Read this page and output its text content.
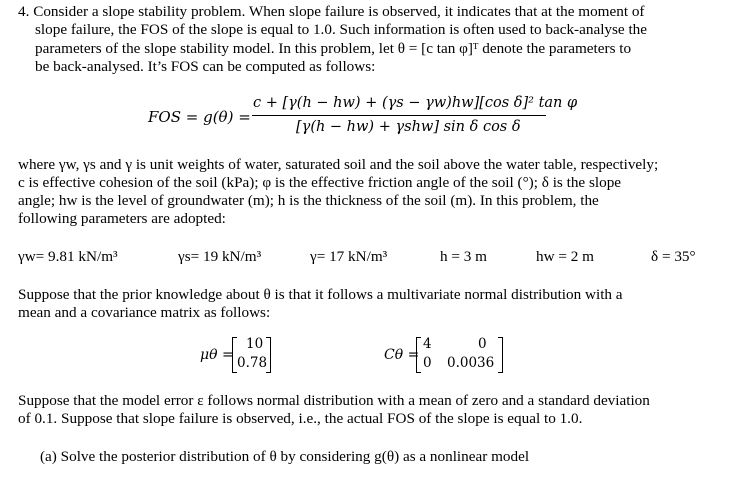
4. Consider a slope stability problem. When slope failure is observed, it indicates that at the moment of
slope failure, the FOS of the slope is equal to 1.0. Such information is often used to back-analyse the
parameters of the slope stability model. In this problem, let θ = [c tan φ]ᵀ denote the parameters to
be back-analysed. It’s FOS can be computed as follows:
FOS = g(θ) =
c + [γ(h − hw) + (γs − γw)hw][cos δ]² tan φ
[γ(h − hw) + γshw] sin δ cos δ
where γw, γs and γ is unit weights of water, saturated soil and the soil above the water table, respectively;
c is effective cohesion of the soil (kPa); φ is the effective friction angle of the soil (°); δ is the slope
angle; hw is the level of groundwater (m); h is the thickness of the soil (m). In this problem, the
following parameters are adopted:
γw= 9.81 kN/m³	γs= 19 kN/m³	γ= 17 kN/m³	h = 3 m	hw = 2 m	δ = 35°
Suppose that the prior knowledge about θ is that it follows a multivariate normal distribution with a
mean and a covariance matrix as follows:
μθ =
10
0.78	Cθ =
4	0
0 0.0036
Suppose that the model error ε follows normal distribution with a mean of zero and a standard deviation
of 0.1. Suppose that slope failure is observed, i.e., the actual FOS of the slope is equal to 1.0.
(a) Solve the posterior distribution of θ by considering g(θ) as a nonlinear model
